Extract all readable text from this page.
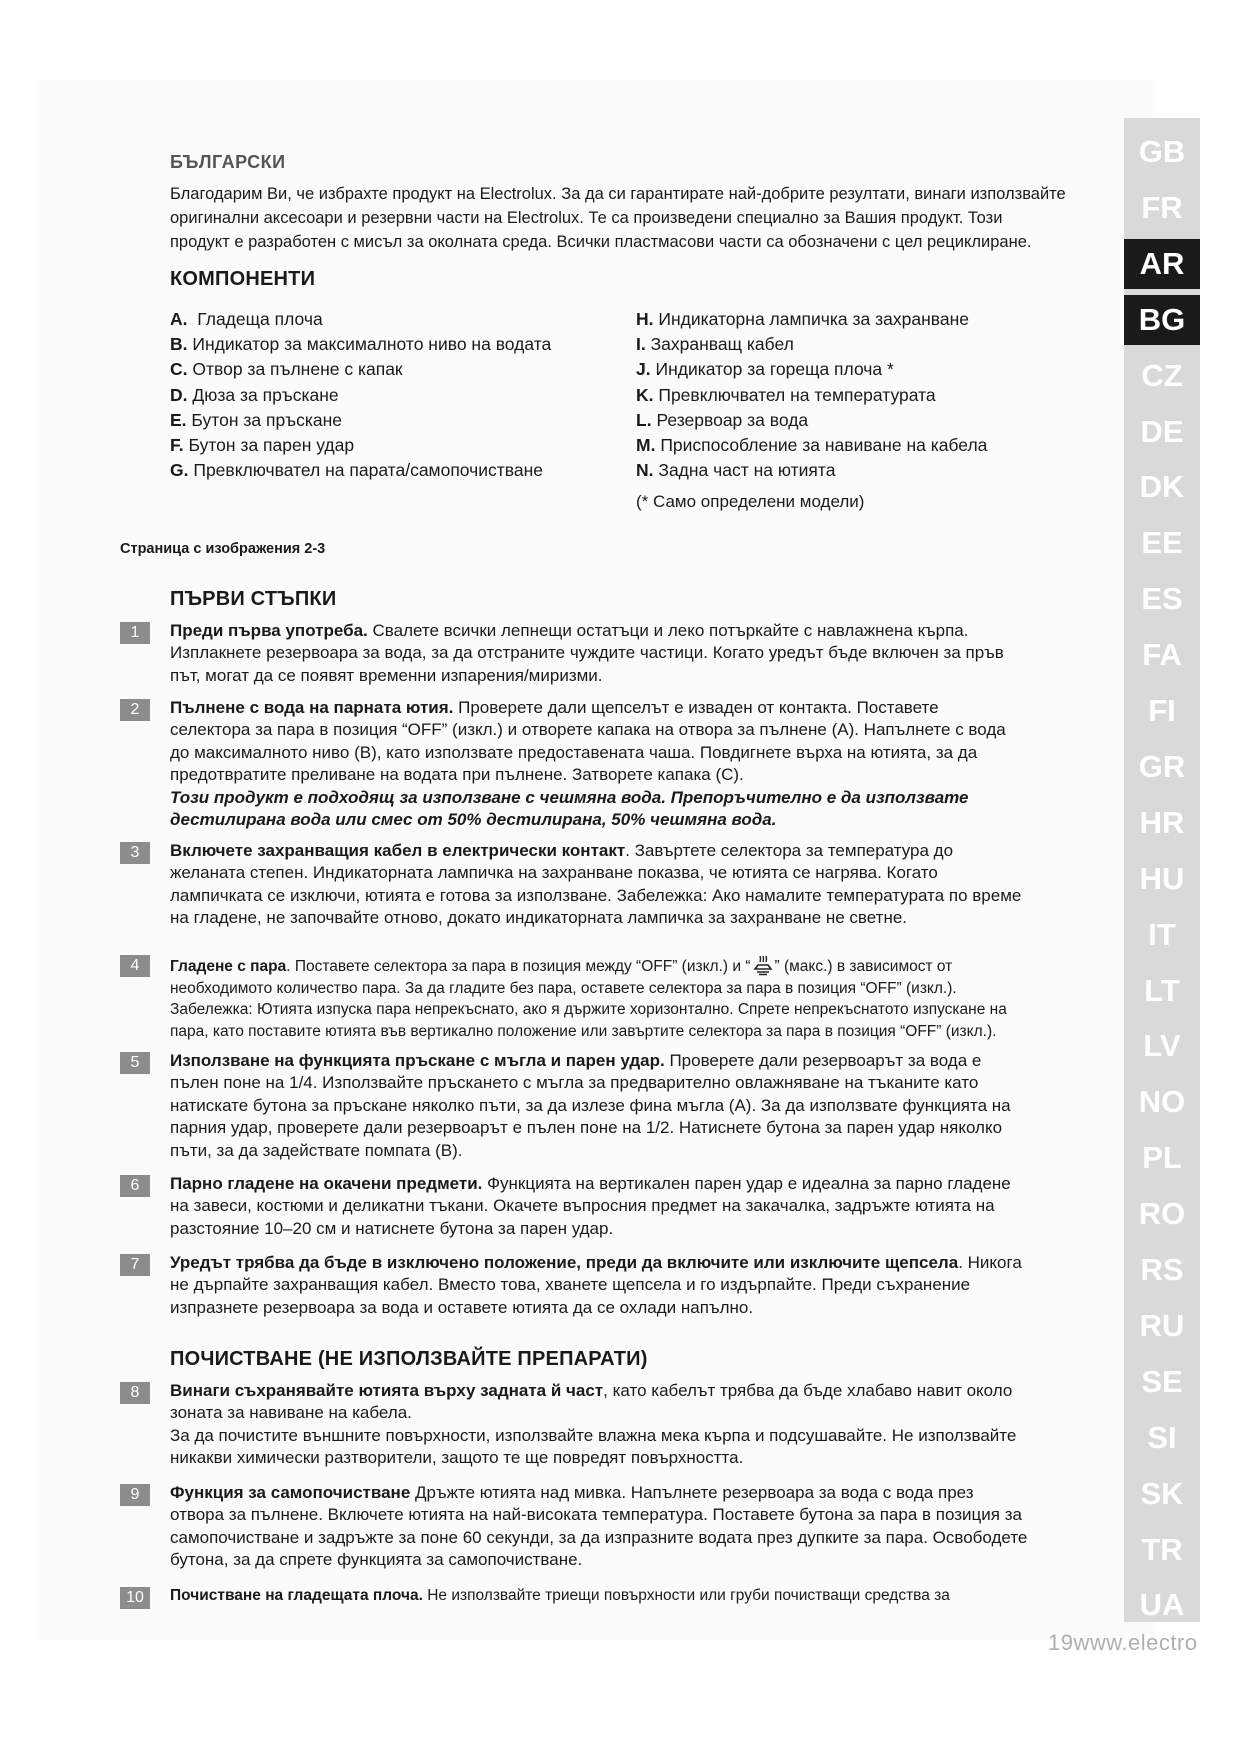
БЪЛГАРСКИ
Благодарим Ви, че избрахте продукт на Electrolux. За да си гарантирате най-добрите резултати, винаги използвайте
оригинални аксесоари и резервни части на Electrolux. Те са произведени специално за Вашия продукт. Този
продукт е разработен с мисъл за околната среда. Всички пластмасови части са обозначени с цел рециклиране.
КОМПОНЕНТИ
A. Гладеща плоча
B. Индикатор за максималното ниво на водата
C. Отвор за пълнене с капак
D. Дюза за пръскане
E. Бутон за пръскане
F. Бутон за парен удар
G. Превключвател на парата/самопочистване
H. Индикаторна лампичка за захранване
I. Захранващ кабел
J. Индикатор за гореща плоча *
K. Превключвател на температурата
L. Резервоар за вода
M. Приспособление за навиване на кабела
N. Задна част на ютията
(* Само определени модели)
Страница с изображения 2-3
ПЪРВИ СТЪПКИ
1	Преди първа употреба. Свалете всички лепнещи остатъци и леко потъркайте с навлажнена кърпа.
Изплакнете резервоара за вода, за да отстраните чуждите частици. Когато уредът бъде включен за пръв
път, могат да се появят временни изпарения/миризми.
2	Пълнене с вода на парната ютия. Проверете дали щепселът е изваден от контакта. Поставете
селектора за пара в позиция “OFF” (изкл.) и отворете капака на отвора за пълнене (A). Напълнете с вода
до максималното ниво (B), като използвате предоставената чаша. Повдигнете върха на ютията, за да
предотвратите преливане на водата при пълнене. Затворете капака (C).
Този продукт е подходящ за използване с чешмяна вода. Препоръчително е да използвате
дестилирана вода или смес от 50% дестилирана, 50% чешмяна вода.
3	Включете захранващия кабел в електрически контакт. Завъртете селектора за температура до
желаната степен. Индикаторната лампичка на захранване показва, че ютията се нагрява. Когато
лампичката се изключи, ютията е готова за използване. Забележка: Ако намалите температурата по време
на гладене, не започвайте отново, докато индикаторната лампичка за захранване не светне.
4	Гладене с пара. Поставете селектора за пара в позиция между “OFF” (изкл.) и “ ” (макс.) в зависимост от
необходимото количество пара. За да гладите без пара, оставете селектора за пара в позиция “OFF” (изкл.).
Забележка: Ютията изпуска пара непрекъснато, ако я държите хоризонтално. Спрете непрекъснатото изпускане на
пара, като поставите ютията във вертикално положение или завъртите селектора за пара в позиция “OFF” (изкл.).
5	Използване на функцията пръскане с мъгла и парен удар. Проверете дали резервоарът за вода е
пълен поне на 1/4. Използвайте пръскането с мъгла за предварително овлажняване на тъканите като
натискате бутона за пръскане няколко пъти, за да излезе фина мъгла (A). За да използвате функцията на
парния удар, проверете дали резервоарът е пълен поне на 1/2. Натиснете бутона за парен удар няколко
пъти, за да задействате помпата (B).
6	Парно гладене на окачени предмети. Функцията на вертикален парен удар е идеална за парно гладене
на завеси, костюми и деликатни тъкани. Окачете въпросния предмет на закачалка, задръжте ютията на
разстояние 10–20 см и натиснете бутона за парен удар.
7	Уредът трябва да бъде в изключено положение, преди да включите или изключите щепсела. Никога
не дърпайте захранващия кабел. Вместо това, хванете щепсела и го издърпайте. Преди съхранение
изпразнете резервоара за вода и оставете ютията да се охлади напълно.
ПОЧИСТВАНЕ (НЕ ИЗПОЛЗВАЙТЕ ПРЕПАРАТИ)
8	Винаги съхранявайте ютията върху задната й част, като кабелът трябва да бъде хлабаво навит около
зоната за навиване на кабела.
За да почистите външните повърхности, използвайте влажна мека кърпа и подсушавайте. Не използвайте
никакви химически разтворители, защото те ще повредят повърхността.
9	Функция за самопочистване Дръжте ютията над мивка. Напълнете резервоара за вода с вода през
отвора за пълнене. Включете ютията на най-високата температура. Поставете бутона за пара в позиция за
самопочистване и задръжте за поне 60 секунди, за да изпразните водата през дупките за пара. Освободете
бутона, за да спрете функцията за самопочистване.
10	Почистване на гладещата плоча. Не използвайте триещи повърхности или груби почистващи средства за
GB
FR
AR
BG
CZ
DE
DK
EE
ES
FA
FI
GR
HR
HU
IT
LT
LV
NO
PL
RO
RS
RU
SE
SI
SK
TR
UA
19www.electro
